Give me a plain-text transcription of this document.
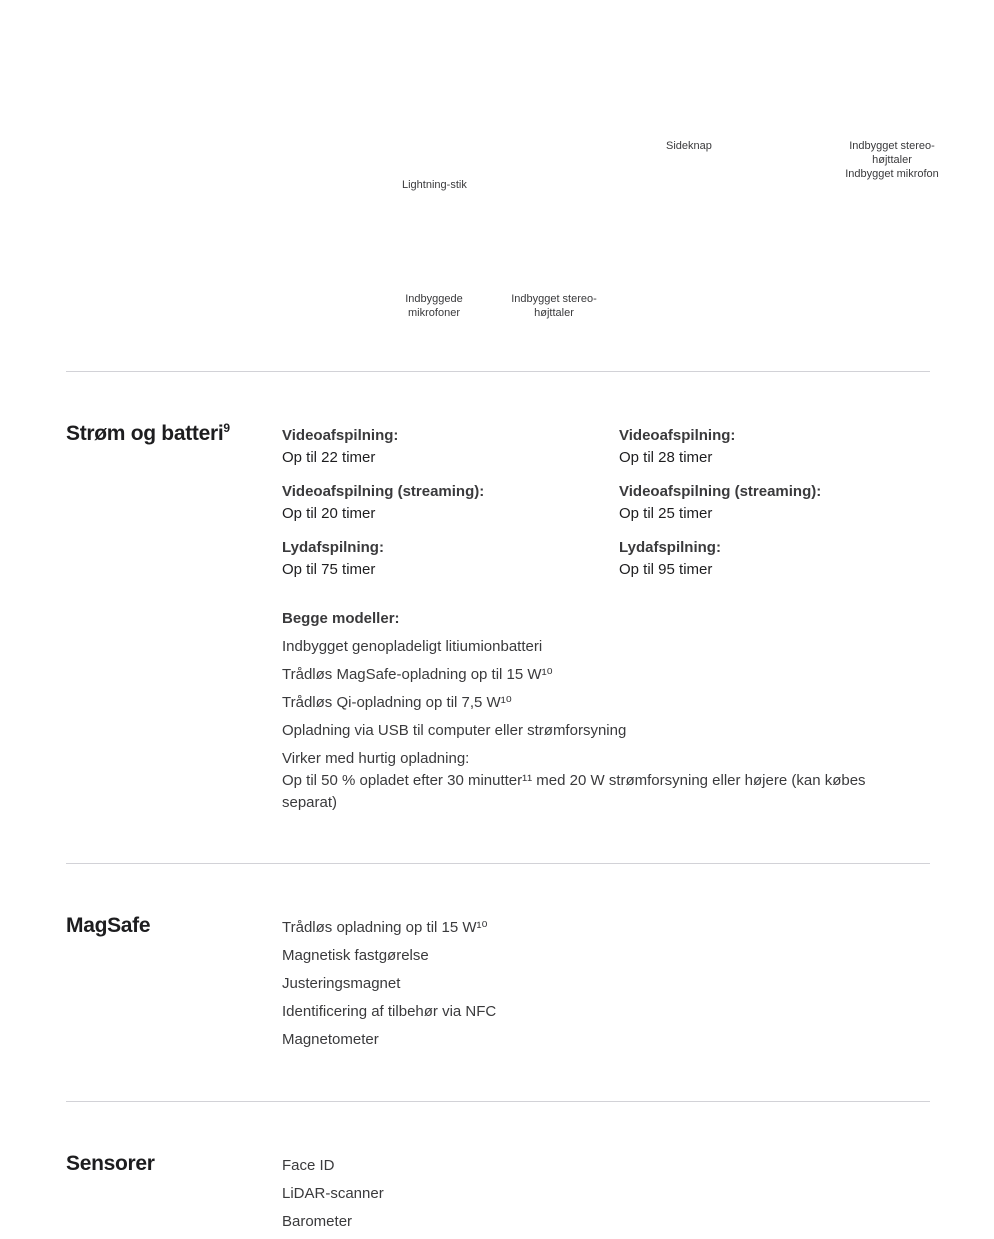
Sideknap	Indbygget stereo-
højttaler
Indbygget mikrofon
Lightning-stik
Indbyggede
mikrofoner
Indbygget stereo-
højttaler
Strøm og batteri$^9$	Videoafspilning:
Op til 22 timer
Videoafspilning (streaming):
Op til 20 timer
Lydafspilning:
Op til 75 timer
Videoafspilning:
Op til 28 timer
Videoafspilning (streaming):
Op til 25 timer
Lydafspilning:
Op til 95 timer
Begge modeller:
Indbygget genopladeligt litiumionbatteri
Trådløs MagSafe-opladning op til 15 W¹⁰
Trådløs Qi-opladning op til 7,5 W¹⁰
Opladning via USB til computer eller strømforsyning
Virker med hurtig opladning:
Op til 50 % opladet efter 30 minutter¹¹ med 20 W strømforsyning eller højere (kan købes separat)
MagSafe	Trådløs opladning op til 15 W¹⁰
Magnetisk fastgørelse
Justeringsmagnet
Identificering af tilbehør via NFC
Magnetometer
Sensorer	Face ID
LiDAR-scanner
Barometer
